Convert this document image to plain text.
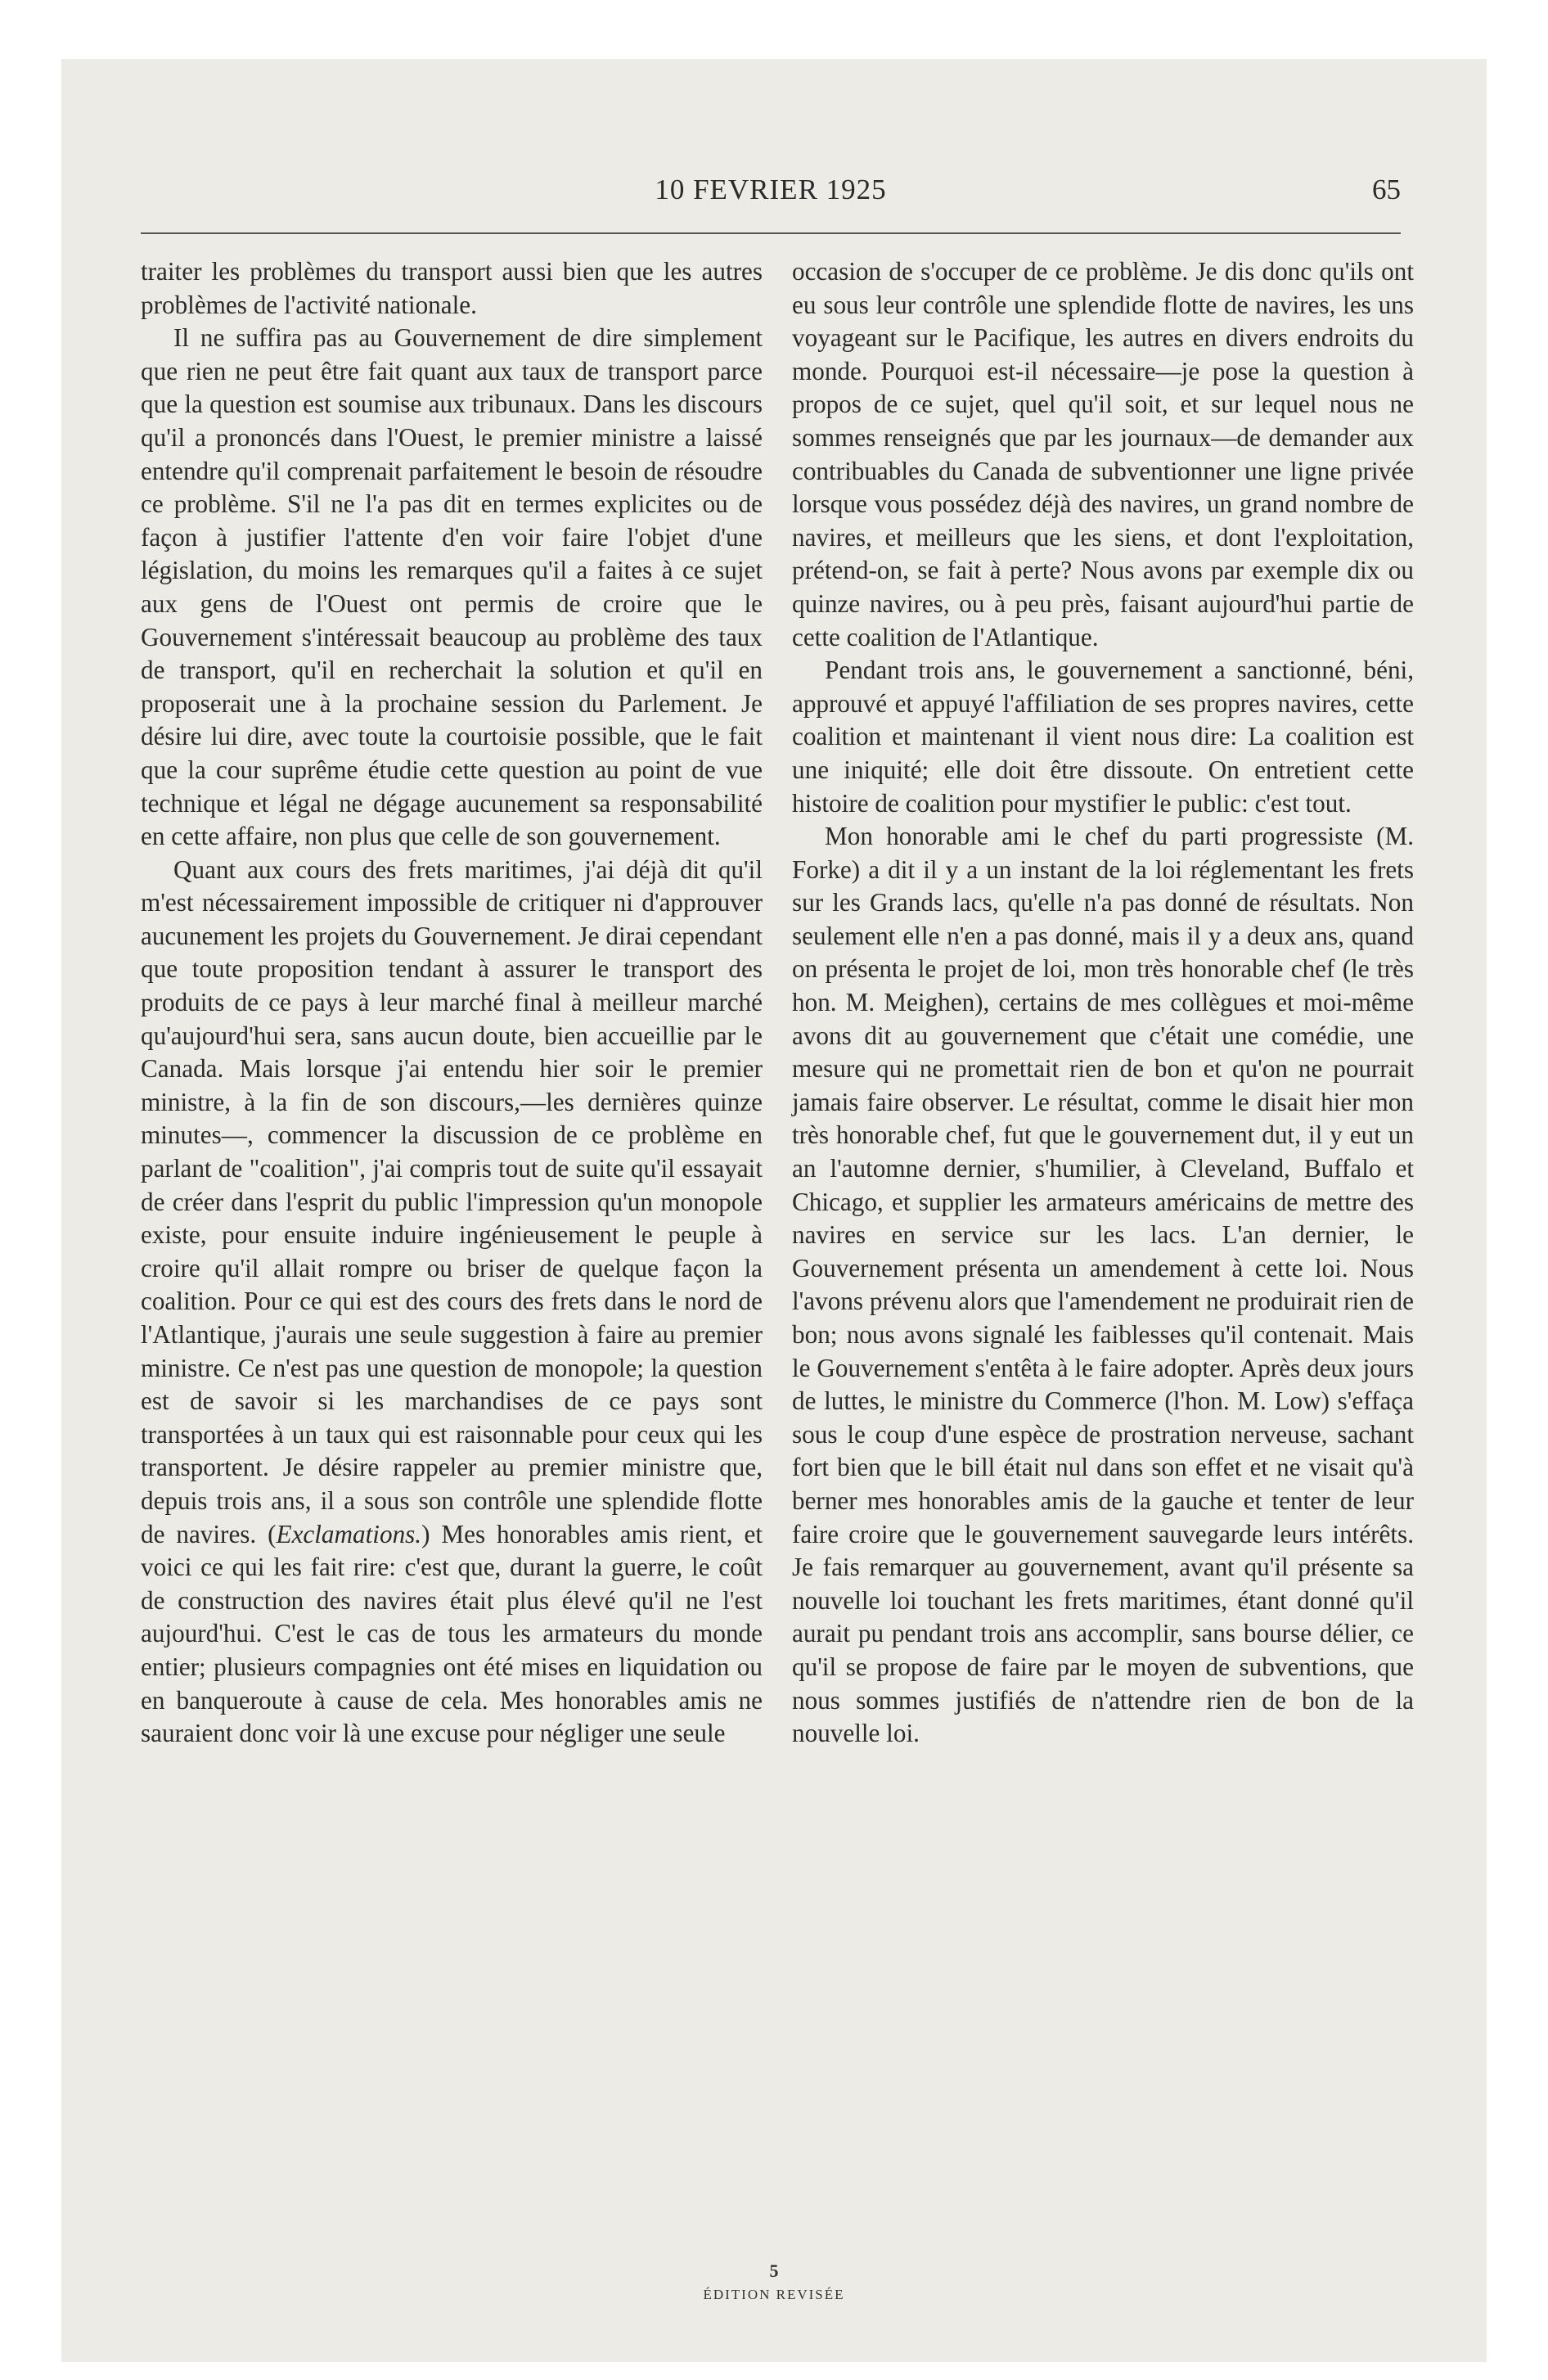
10 FEVRIER 1925	65

traiter les problèmes du transport aussi bien que les autres problèmes de l'activité nationale.

Il ne suffira pas au Gouvernement de dire simplement que rien ne peut être fait quant aux taux de transport parce que la question est soumise aux tribunaux. Dans les discours qu'il a prononcés dans l'Ouest, le premier ministre a laissé entendre qu'il comprenait parfaitement le besoin de résoudre ce problème. S'il ne l'a pas dit en termes explicites ou de façon à justifier l'attente d'en voir faire l'objet d'une législation, du moins les remarques qu'il a faites à ce sujet aux gens de l'Ouest ont permis de croire que le Gouvernement s'intéressait beaucoup au problème des taux de transport, qu'il en recherchait la solution et qu'il en proposerait une à la prochaine session du Parlement. Je désire lui dire, avec toute la courtoisie possible, que le fait que la cour suprême étudie cette question au point de vue technique et légal ne dégage aucunement sa responsabilité en cette affaire, non plus que celle de son gouvernement.

Quant aux cours des frets maritimes, j'ai déjà dit qu'il m'est nécessairement impossible de critiquer ni d'approuver aucunement les projets du Gouvernement. Je dirai cependant que toute proposition tendant à assurer le transport des produits de ce pays à leur marché final à meilleur marché qu'aujourd'hui sera, sans aucun doute, bien accueillie par le Canada. Mais lorsque j'ai entendu hier soir le premier ministre, à la fin de son discours,—les dernières quinze minutes—, commencer la discussion de ce problème en parlant de "coalition", j'ai compris tout de suite qu'il essayait de créer dans l'esprit du public l'impression qu'un monopole existe, pour ensuite induire ingénieusement le peuple à croire qu'il allait rompre ou briser de quelque façon la coalition. Pour ce qui est des cours des frets dans le nord de l'Atlantique, j'aurais une seule suggestion à faire au premier ministre. Ce n'est pas une question de monopole; la question est de savoir si les marchandises de ce pays sont transportées à un taux qui est raisonnable pour ceux qui les transportent. Je désire rappeler au premier ministre que, depuis trois ans, il a sous son contrôle une splendide flotte de navires. (Exclamations.) Mes honorables amis rient, et voici ce qui les fait rire: c'est que, durant la guerre, le coût de construction des navires était plus élevé qu'il ne l'est aujourd'hui. C'est le cas de tous les armateurs du monde entier; plusieurs compagnies ont été mises en liquidation ou en banqueroute à cause de cela. Mes honorables amis ne sauraient donc voir là une excuse pour négliger une seule

occasion de s'occuper de ce problème. Je dis donc qu'ils ont eu sous leur contrôle une splendide flotte de navires, les uns voyageant sur le Pacifique, les autres en divers endroits du monde. Pourquoi est-il nécessaire—je pose la question à propos de ce sujet, quel qu'il soit, et sur lequel nous ne sommes renseignés que par les journaux—de demander aux contribuables du Canada de subventionner une ligne privée lorsque vous possédez déjà des navires, un grand nombre de navires, et meilleurs que les siens, et dont l'exploitation, prétend-on, se fait à perte? Nous avons par exemple dix ou quinze navires, ou à peu près, faisant aujourd'hui partie de cette coalition de l'Atlantique.

Pendant trois ans, le gouvernement a sanctionné, béni, approuvé et appuyé l'affiliation de ses propres navires, cette coalition et maintenant il vient nous dire: La coalition est une iniquité; elle doit être dissoute. On entretient cette histoire de coalition pour mystifier le public: c'est tout.

Mon honorable ami le chef du parti progressiste (M. Forke) a dit il y a un instant de la loi réglementant les frets sur les Grands lacs, qu'elle n'a pas donné de résultats. Non seulement elle n'en a pas donné, mais il y a deux ans, quand on présenta le projet de loi, mon très honorable chef (le très hon. M. Meighen), certains de mes collègues et moi-même avons dit au gouvernement que c'était une comédie, une mesure qui ne promettait rien de bon et qu'on ne pourrait jamais faire observer. Le résultat, comme le disait hier mon très honorable chef, fut que le gouvernement dut, il y eut un an l'automne dernier, s'humilier, à Cleveland, Buffalo et Chicago, et supplier les armateurs américains de mettre des navires en service sur les lacs. L'an dernier, le Gouvernement présenta un amendement à cette loi. Nous l'avons prévenu alors que l'amendement ne produirait rien de bon; nous avons signalé les faiblesses qu'il contenait. Mais le Gouvernement s'entêta à le faire adopter. Après deux jours de luttes, le ministre du Commerce (l'hon. M. Low) s'effaça sous le coup d'une espèce de prostration nerveuse, sachant fort bien que le bill était nul dans son effet et ne visait qu'à berner mes honorables amis de la gauche et tenter de leur faire croire que le gouvernement sauvegarde leurs intérêts. Je fais remarquer au gouvernement, avant qu'il présente sa nouvelle loi touchant les frets maritimes, étant donné qu'il aurait pu pendant trois ans accomplir, sans bourse délier, ce qu'il se propose de faire par le moyen de subventions, que nous sommes justifiés de n'attendre rien de bon de la nouvelle loi.

5
ÉDITION REVISÉE
